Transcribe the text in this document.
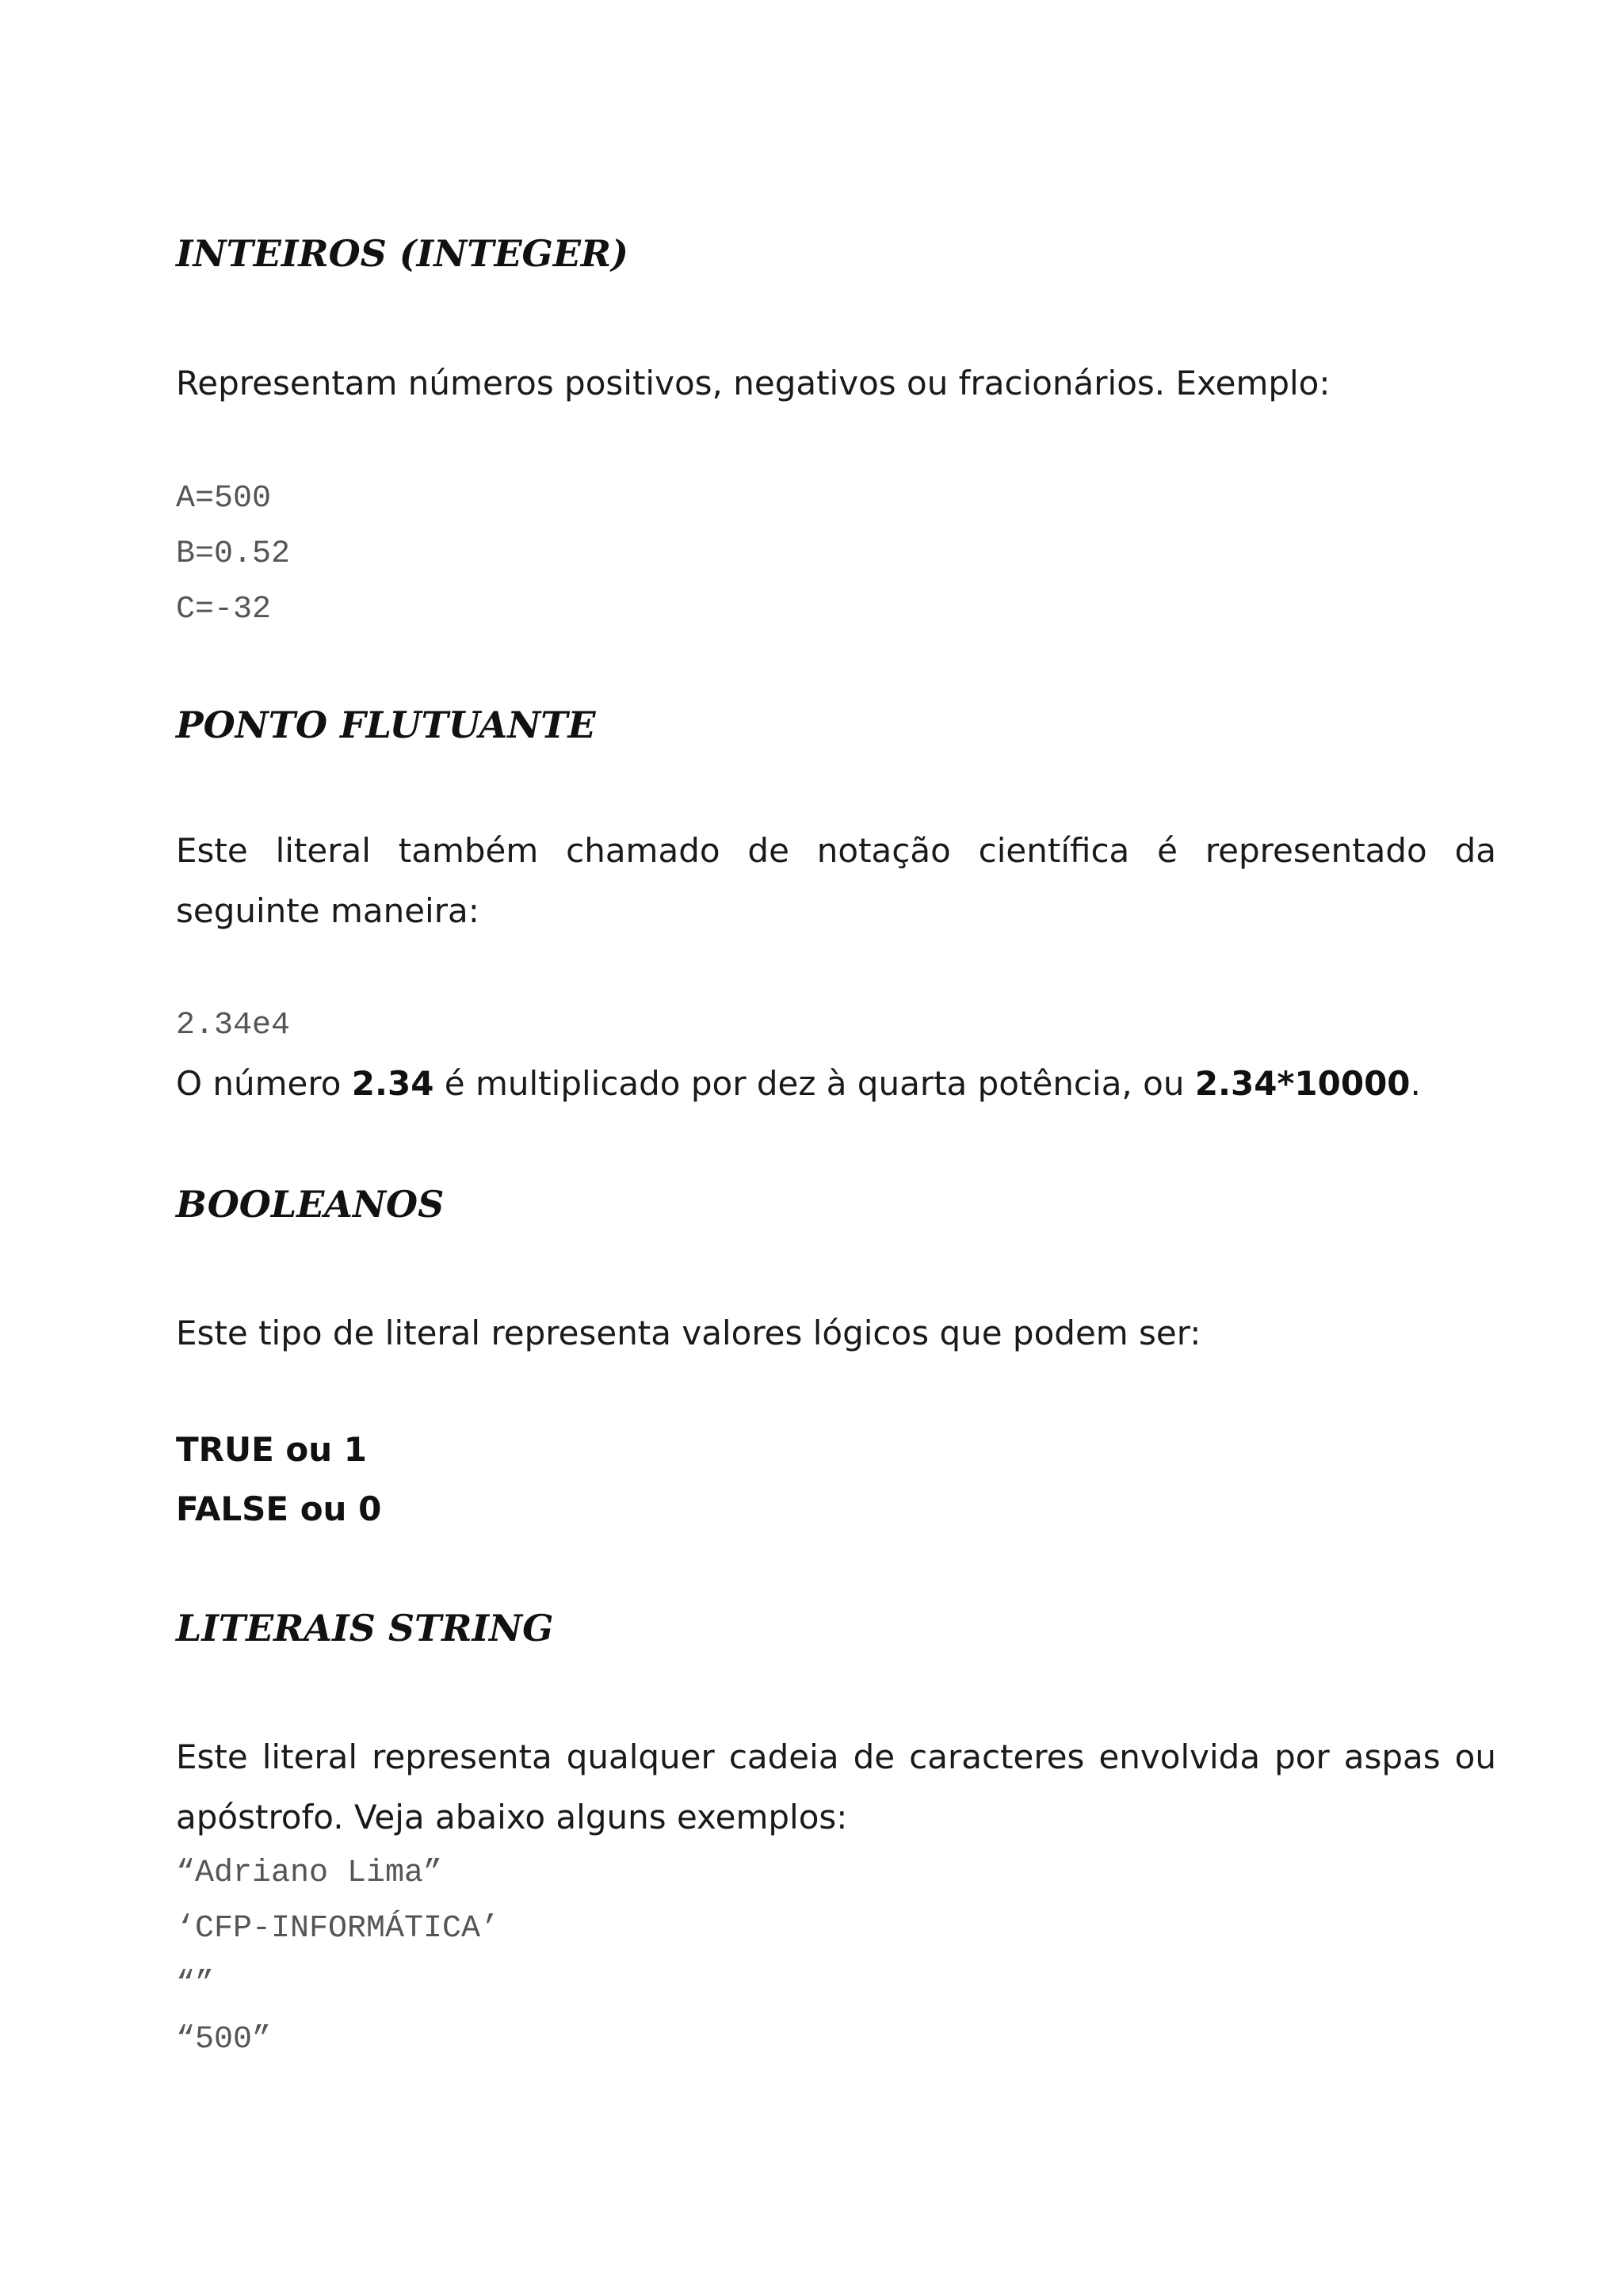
INTEIROS (INTEGER)

Representam números positivos, negativos ou fracionários. Exemplo:

A=500
B=0.52
C=-32
PONTO FLUTUANTE

Este literal também chamado de notação científica é representado da seguinte maneira:

2.34e4

O número 2.34 é multiplicado por dez à quarta potência, ou 2.34*10000.

BOOLEANOS

Este tipo de literal representa valores lógicos que podem ser:

TRUE ou 1
FALSE ou 0
LITERAIS STRING

Este literal representa qualquer cadeia de caracteres envolvida por aspas ou apóstrofo. Veja abaixo alguns exemplos:

“Adriano Lima”
‘CFP-INFORMÁTICA’
“”
“500”
